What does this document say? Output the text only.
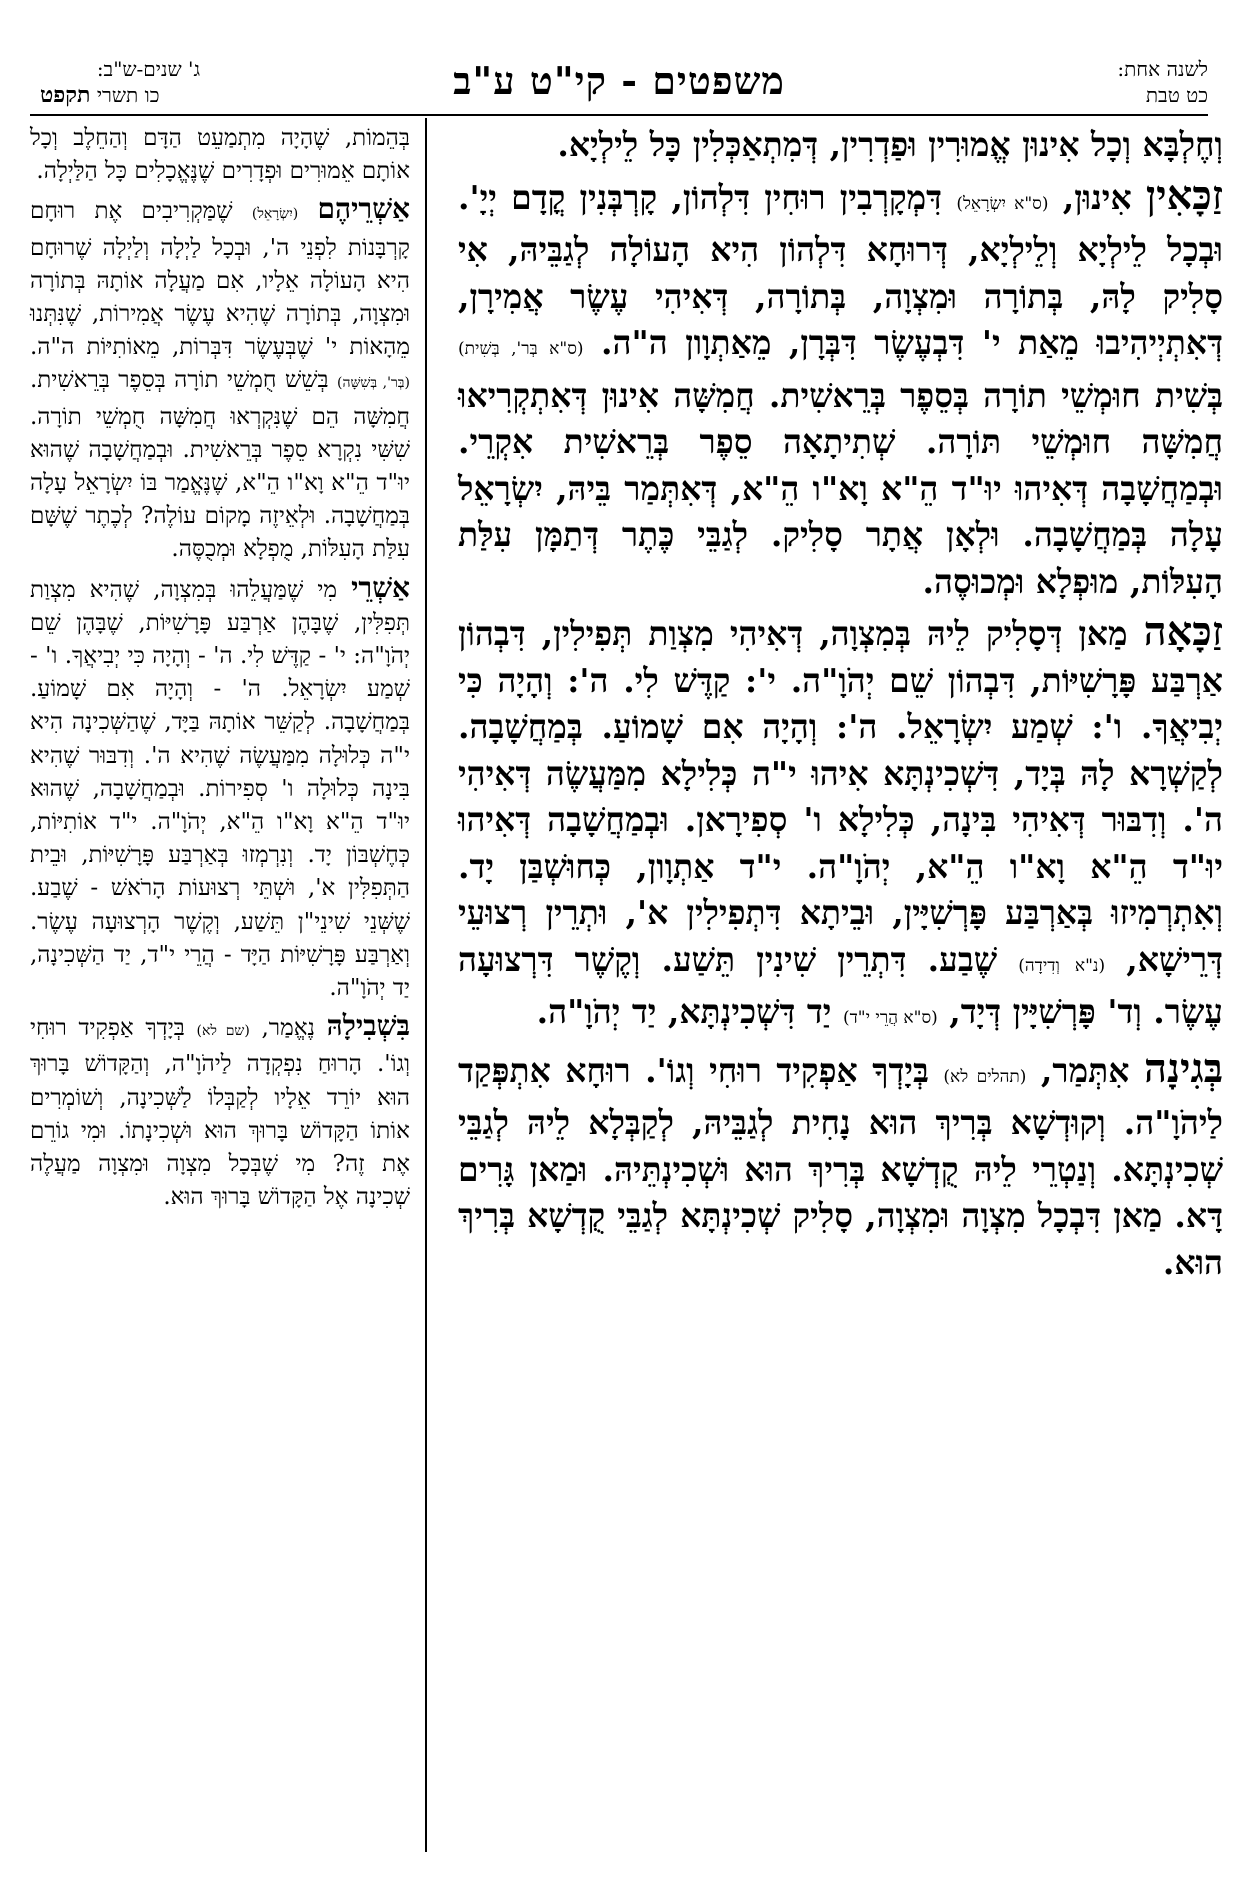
לשנה אחת:
כט טבת
משפטים - קי"ט ע"ב
תקפט
ג' שנים-ש"ב:
כו תשרי

וְחֶלְבָּא וְכָל אִינוּן אֱמוּרִין וּפַדְרִין, דְּמִתְאַכְּלִין כָּל לֵילְיָא.

זַכָּאִין אִינוּן, (ס"א יִשְׂרָאֵל) דִּמְקָרְבִין רוּחִין דִּלְהוֹן, קָרְבְּנִין קֳדָם יְיָ'. וּבְכָל לֵילְיָא וְלֵילְיָא, דְּרוּחָא דִּלְהוֹן הִיא הָעוֹלָה לְגַבֵּיהּ, אִי סָלִיק לָהּ, בְּתוֹרָה וּמִצְוָה, בְּתוֹרָה, דְּאִיהִי עֶשֶׂר אֲמִירָן, דְּאִתְיְיהִיבוּ מֵאַת י' דִּבְעֶשֶׂר דִּבְּרָן, מֵאַתְוָון ה"ה. (ס"א בְּר', בְּשִׁית) בְּשִׁית חוּמְשֵׁי תוֹרָה בְּסֵפֶר בְּרֵאשִׁית. חֲמִשָּׁה אִינוּן דְּאִתְקְרִיאוּ חֲמִשָּׁה חוּמְשֵׁי תּוֹרָה. שְׁתִיתָאָה סֵפֶר בְּרֵאשִׁית אִקְרֵי. וּבְמַחֲשָׁבָה דְּאִיהוּ יוּ"ד הֵ"א וָא"ו הֵ"א, דְּאִתְּמַר בֵּיהּ, יִשְׂרָאֵל עָלָה בְּמַחֲשָׁבָה. וּלְאָן אֲתָר סָלִיק. לְגַבֵּי כֶּתֶר דְּתַמָּן עִלַּת הָעִלּוֹת, מוּפְלָא וּמְכוּסֶה.

זַכָּאָה מַאן דְּסָלִיק לֵיהּ בְּמִצְוָה, דְּאִיהִי מִצְוַת תְּפִילִין, דִּבְהוֹן אַרְבַּע פָּרָשִׁיּוֹת, דִּבְהוֹן שֵׁם יְהֹוָ"ה. י': קַדֶּשׁ לִי. ה': וְהָיָה כִּי יְבִיאֲךָ. ו': שְׁמַע יִשְׂרָאֵל. ה': וְהָיָה אִם שָׁמוֹעַ. בְּמַחֲשָׁבָה. לְקַשְׁרָא לָהּ בְּיָד, דִּשְׁכִינְתָּא אִיהוּ י"ה כְּלִילָא מִמַּעֲשֶׂה דְּאִיהִי ה'. וְדִבּוּר דְּאִיהִי בִּינָה, כְּלִילָא ו' סְפִירָאן. וּבְמַחֲשָׁבָה דְּאִיהוּ יוּ"ד הֵ"א וָא"ו הֵ"א, יְהֹוָ"ה. י"ד אַתְוָון, כְּחוּשְׁבַּן יָד. וְאִתְרְמִיזוּ בְּאַרְבַּע פָּרְשִׁיָּין, וּבֵיתָא דִּתְפִילִין א', וּתְרֵין רְצוּעֵי דְּרֵישָׁא, (נ"א וְדִידָה) שֶׁבַע. דִּתְרֵין שִׁינִין תֵּשַׁע. וְקֶשֶׁר דִּרְצוּעָה עֶשֶׂר. וְד' פָּרְשִׁיָּין דְּיָד, (ס"א הֲרֵי י"ד) יַד דִּשְׁכִינְתָּא, יַד יְהֹוָ"ה.

בְּגִינָה אִתְּמַר, (תהלים לא) בְּיָדְךָ אַפְקִיד רוּחִי וְגוֹ'. רוּחָא אִתְפְּקַד לַיהֹוָ"ה. וְקוּדְשָׁא בְּרִיךְ הוּא נָחִית לְגַבֵּיהּ, לְקַבְּלָא לֵיהּ לְגַבֵּי שְׁכִינְתָּא. וְנַטְרֵי לֵיהּ קֻדְשָׁא בְּרִיךְ הוּא וּשְׁכִינְתֵּיהּ. וּמַאן גָּרִים דָּא. מַאן דִּבְכָל מִצְוָה וּמִצְוָה, סָלִיק שְׁכִינְתָּא לְגַבֵּי קֻדְשָׁא בְּרִיךְ הוּא.

בְּהֵמוֹת, שֶׁהָיָה מִתְמַעֵט הַדָּם וְהַחֵלֶב וְכָל אוֹתָם אֵמוּרִים וּפְדָרִים שֶׁנֶּאֱכָלִים כָּל הַלַּיְלָה.

אַשְׁרֵיהֶם (יִשְׂרָאֵל) שֶׁמַּקְרִיבִים אֶת רוּחָם קָרְבָּנוֹת לִפְנֵי ה', וּבְכָל לַיְלָה וְלַיְלָה שֶׁרוּחָם הִיא הָעוֹלָה אֵלָיו, אִם מַעֲלָה אוֹתָהּ בְּתוֹרָה וּמִצְוָה, בְּתוֹרָה שֶׁהִיא עֶשֶׂר אֲמִירוֹת, שֶׁנִּתְּנוּ מֵהָאוֹת י' שֶׁבְּעֶשֶׂר דִּבְּרוֹת, מֵאוֹתִיּוֹת ה"ה. (בְּר', בְּשִׁשָּׁה) בְּשֵׁשׁ חֻמְשֵׁי תוֹרָה בְּסֵפֶר בְּרֵאשִׁית. חֲמִשָּׁה הֵם שֶׁנִּקְרְאוּ חֲמִשָּׁה חֻמְשֵׁי תוֹרָה. שִׁשִּׁי נִקְרָא סֵפֶר בְּרֵאשִׁית. וּבְמַחֲשָׁבָה שֶׁהוּא יוּ"ד הֵ"א וָא"ו הֵ"א, שֶׁנֶּאֱמַר בּוֹ יִשְׂרָאֵל עָלָה בְּמַחֲשָׁבָה. וּלְאֵיזֶה מָקוֹם עוֹלֶה? לְכֶתֶר שֶׁשָּׁם עִלַּת הָעִלּוֹת, מֻפְלָא וּמְכֻסֶּה.

אַשְׁרֵי מִי שֶׁמַּעֲלֵהוּ בְּמִצְוָה, שֶׁהִיא מִצְוַת תְּפִלִּין, שֶׁבָּהֶן אַרְבַּע פָּרָשִׁיּוֹת, שֶׁבָּהֶן שֵׁם יְהֹוָ"ה: י' - קַדֶּשׁ לִי. ה' - וְהָיָה כִּי יְבִיאֲךָ. ו' - שְׁמַע יִשְׂרָאֵל. ה' - וְהָיָה אִם שָׁמוֹעַ. בְּמַחֲשָׁבָה. לְקַשֵּׁר אוֹתָהּ בַּיָּד, שֶׁהַשְּׁכִינָה הִיא י"ה כְּלוּלָה מִמַּעֲשֶׂה שֶׁהִיא ה'. וְדִבּוּר שֶׁהִיא בִּינָה כְּלוּלָה ו' סְפִירוֹת. וּבְמַחֲשָׁבָה, שֶׁהוּא יוּ"ד הֵ"א וָא"ו הֵ"א, יְהֹוָ"ה. י"ד אוֹתִיּוֹת, כְּחֶשְׁבּוֹן יָד. וְנִרְמְזוּ בְּאַרְבַּע פָּרָשִׁיּוֹת, וּבֵית הַתְּפִלִּין א', וּשְׁתֵּי רְצוּעוֹת הָרֹאשׁ - שֶׁבַע. שֶׁשְּׁנֵי שִׁינֵי"ן תֵּשַׁע, וְקֶשֶׁר הָרְצוּעָה עֶשֶׂר. וְאַרְבַּע פָּרָשִׁיּוֹת הַיָּד - הֲרֵי י"ד, יַד הַשְּׁכִינָה, יַד יְהֹוָ"ה.

בִּשְׁבִילָהּ נֶאֱמַר, (שם לא) בְּיָדְךָ אַפְקִיד רוּחִי וְגוֹ'. הָרוּחַ נִפְקְדָה לַיהֹוָ"ה, וְהַקָּדוֹשׁ בָּרוּךְ הוּא יוֹרֵד אֵלָיו לְקַבְּלוֹ לַשְּׁכִינָה, וְשׁוֹמְרִים אוֹתוֹ הַקָּדוֹשׁ בָּרוּךְ הוּא וּשְׁכִינָתוֹ. וּמִי גוֹרֵם אֶת זֶה? מִי שֶׁבְּכָל מִצְוָה וּמִצְוָה מַעֲלֶה שְׁכִינָה אֶל הַקָּדוֹשׁ בָּרוּךְ הוּא.
